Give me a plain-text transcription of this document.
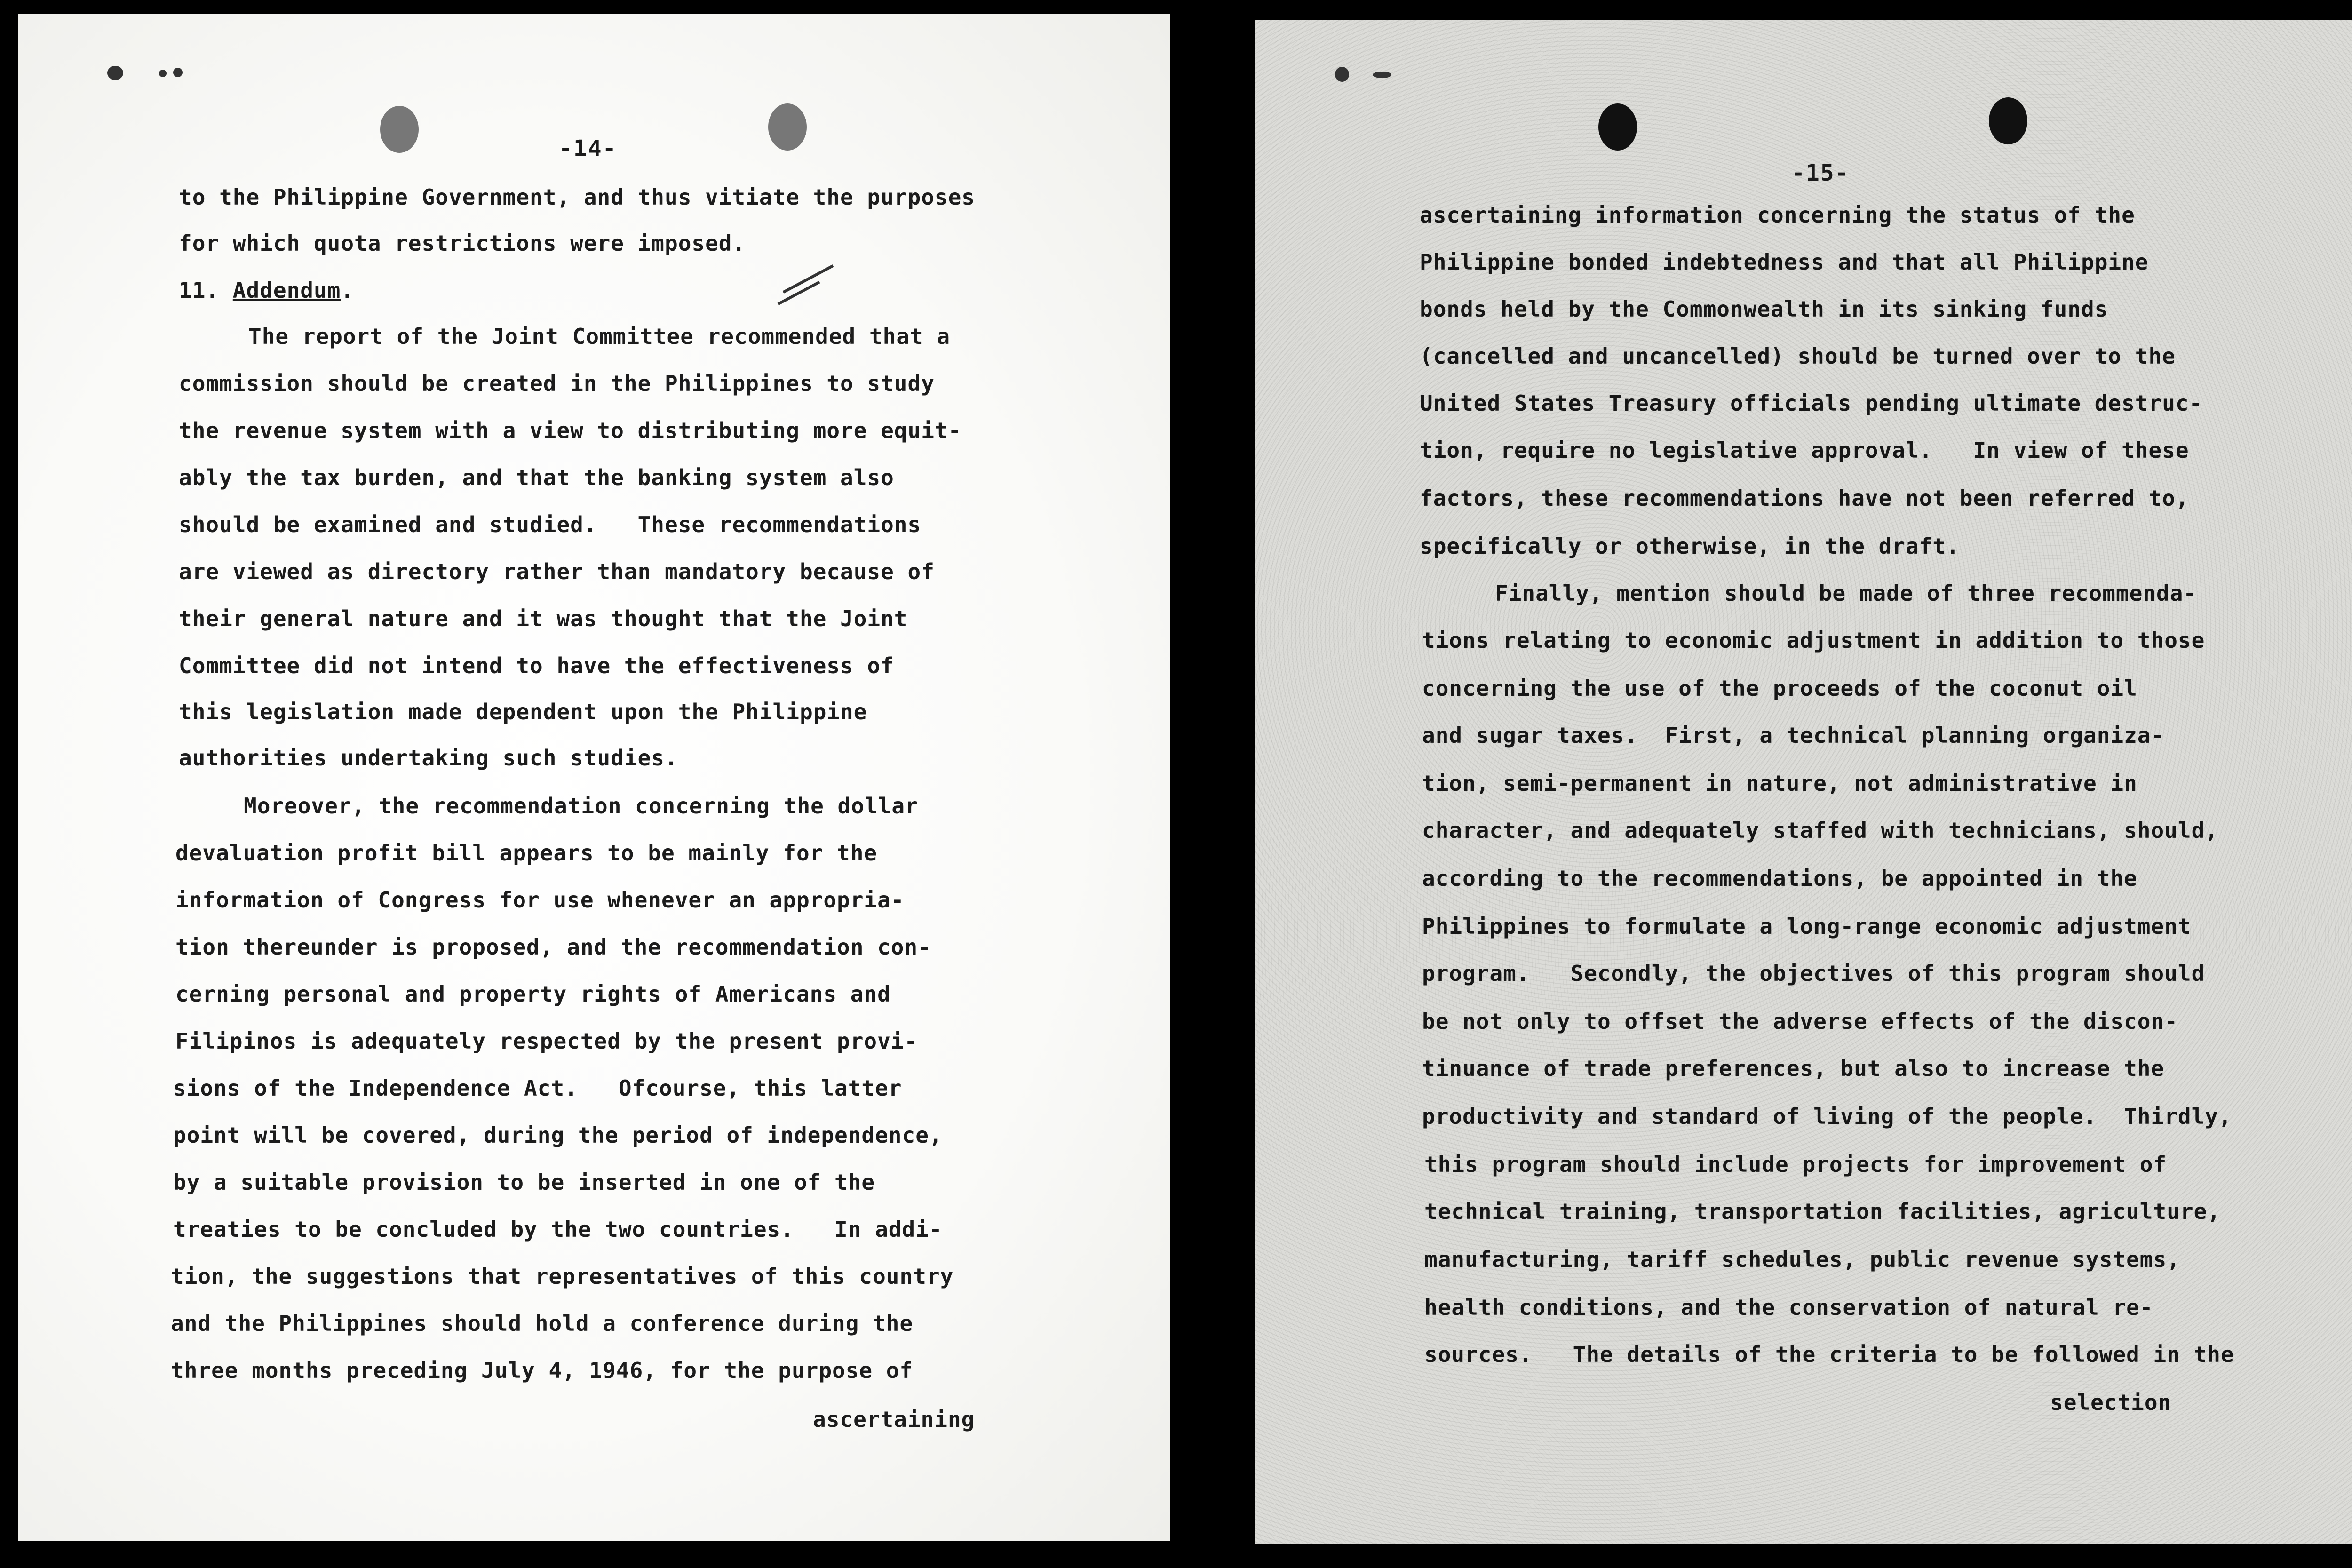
-14-
to the Philippine Government, and thus vitiate the purposes
for which quota restrictions were imposed.
11. Addendum.
The report of the Joint Committee recommended that a
commission should be created in the Philippines to study
the revenue system with a view to distributing more equit-
ably the tax burden, and that the banking system also
should be examined and studied.   These recommendations
are viewed as directory rather than mandatory because of
their general nature and it was thought that the Joint
Committee did not intend to have the effectiveness of
this legislation made dependent upon the Philippine
authorities undertaking such studies.
Moreover, the recommendation concerning the dollar
devaluation profit bill appears to be mainly for the
information of Congress for use whenever an appropria-
tion thereunder is proposed, and the recommendation con-
cerning personal and property rights of Americans and
Filipinos is adequately respected by the present provi-
sions of the Independence Act.   Ofcourse, this latter
point will be covered, during the period of independence,
by a suitable provision to be inserted in one of the
treaties to be concluded by the two countries.   In addi-
tion, the suggestions that representatives of this country
and the Philippines should hold a conference during the
three months preceding July 4, 1946, for the purpose of
ascertaining
-15-
ascertaining information concerning the status of the
Philippine bonded indebtedness and that all Philippine
bonds held by the Commonwealth in its sinking funds
(cancelled and uncancelled) should be turned over to the
United States Treasury officials pending ultimate destruc-
tion, require no legislative approval.   In view of these
factors, these recommendations have not been referred to,
specifically or otherwise, in the draft.
Finally, mention should be made of three recommenda-
tions relating to economic adjustment in addition to those
concerning the use of the proceeds of the coconut oil
and sugar taxes.  First, a technical planning organiza-
tion, semi-permanent in nature, not administrative in
character, and adequately staffed with technicians, should,
according to the recommendations, be appointed in the
Philippines to formulate a long-range economic adjustment
program.   Secondly, the objectives of this program should
be not only to offset the adverse effects of the discon-
tinuance of trade preferences, but also to increase the
productivity and standard of living of the people.  Thirdly,
this program should include projects for improvement of
technical training, transportation facilities, agriculture,
manufacturing, tariff schedules, public revenue systems,
health conditions, and the conservation of natural re-
sources.   The details of the criteria to be followed in the
selection
